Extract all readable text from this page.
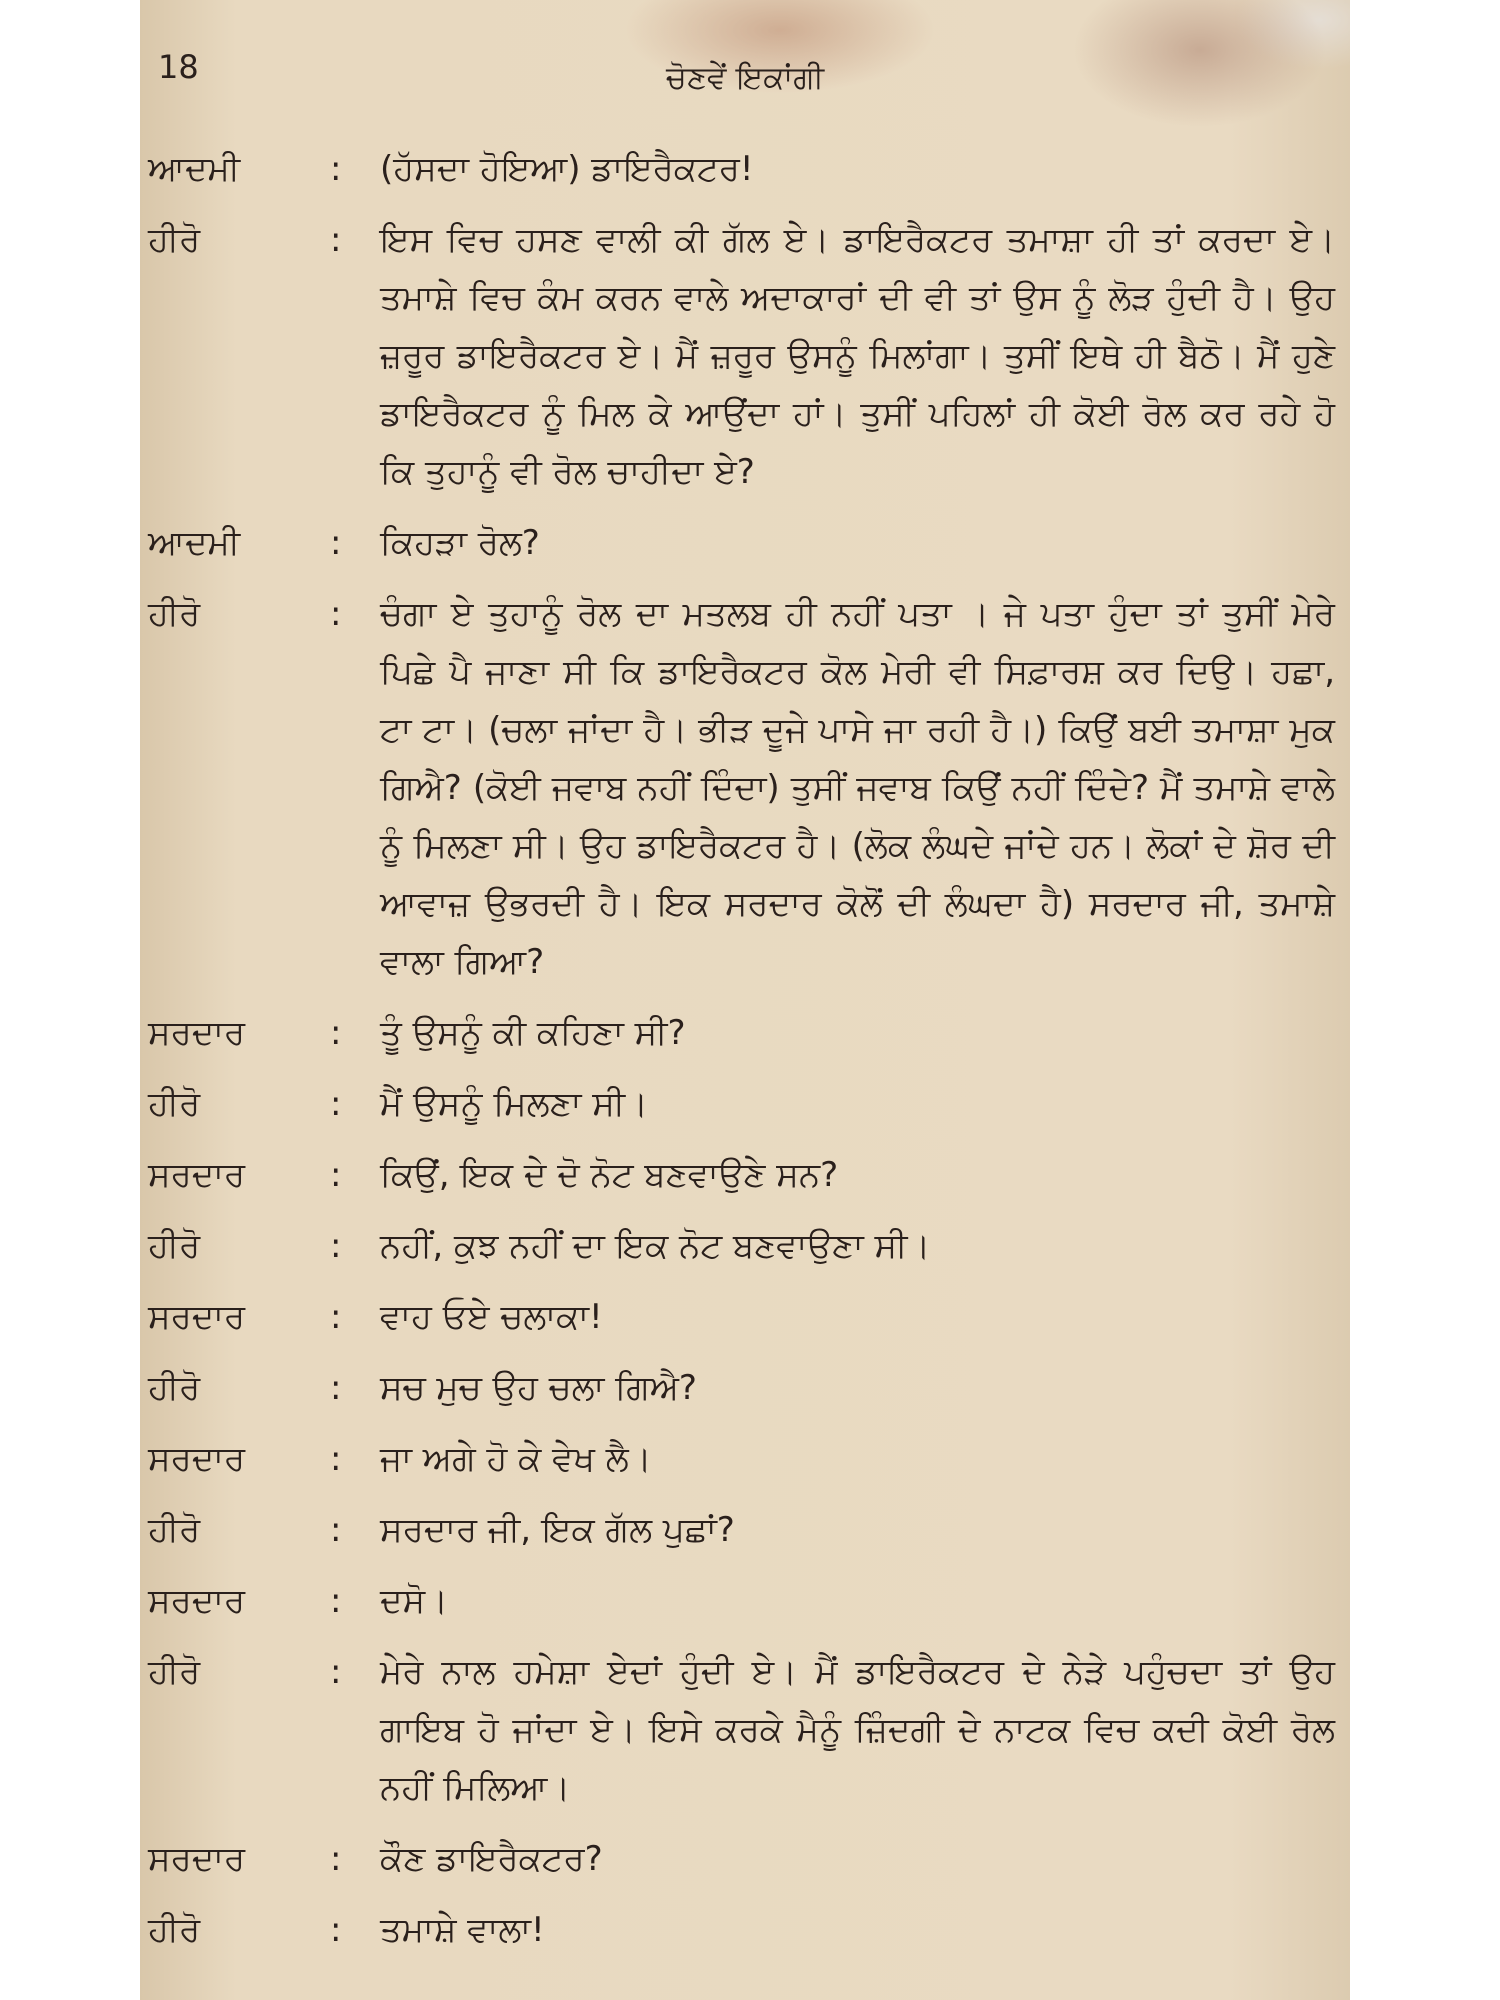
18	ਚੋਣਵੇਂ ਇਕਾਂਗੀ
ਆਦਮੀ	:	(ਹੱਸਦਾ ਹੋਇਆ) ਡਾਇਰੈਕਟਰ!
ਹੀਰੋ	:	ਇਸ ਵਿਚ ਹਸਣ ਵਾਲੀ ਕੀ ਗੱਲ ਏ। ਡਾਇਰੈਕਟਰ ਤਮਾਸ਼ਾ ਹੀ ਤਾਂ ਕਰਦਾ ਏ। ਤਮਾਸ਼ੇ ਵਿਚ ਕੰਮ ਕਰਨ ਵਾਲੇ ਅਦਾਕਾਰਾਂ ਦੀ ਵੀ ਤਾਂ ਉਸ ਨੂੰ ਲੋੜ ਹੁੰਦੀ ਹੈ। ਉਹ ਜ਼ਰੂਰ ਡਾਇਰੈਕਟਰ ਏ। ਮੈਂ ਜ਼ਰੂਰ ਉਸਨੂੰ ਮਿਲਾਂਗਾ। ਤੁਸੀਂ ਇਥੇ ਹੀ ਬੈਠੋ। ਮੈਂ ਹੁਣੇ ਡਾਇਰੈਕਟਰ ਨੂੰ ਮਿਲ ਕੇ ਆਉਂਦਾ ਹਾਂ। ਤੁਸੀਂ ਪਹਿਲਾਂ ਹੀ ਕੋਈ ਰੋਲ ਕਰ ਰਹੇ ਹੋ ਕਿ ਤੁਹਾਨੂੰ ਵੀ ਰੋਲ ਚਾਹੀਦਾ ਏ?
ਆਦਮੀ	:	ਕਿਹੜਾ ਰੋਲ?
ਹੀਰੋ	:	ਚੰਗਾ ਏ ਤੁਹਾਨੂੰ ਰੋਲ ਦਾ ਮਤਲਬ ਹੀ ਨਹੀਂ ਪਤਾ । ਜੇ ਪਤਾ ਹੁੰਦਾ ਤਾਂ ਤੁਸੀਂ ਮੇਰੇ ਪਿਛੇ ਪੈ ਜਾਣਾ ਸੀ ਕਿ ਡਾਇਰੈਕਟਰ ਕੋਲ ਮੇਰੀ ਵੀ ਸਿਫ਼ਾਰਸ਼ ਕਰ ਦਿਉ। ਹਛਾ, ਟਾ ਟਾ। (ਚਲਾ ਜਾਂਦਾ ਹੈ। ਭੀੜ ਦੂਜੇ ਪਾਸੇ ਜਾ ਰਹੀ ਹੈ।) ਕਿਉਂ ਬਈ ਤਮਾਸ਼ਾ ਮੁਕ ਗਿਐ? (ਕੋਈ ਜਵਾਬ ਨਹੀਂ ਦਿੰਦਾ) ਤੁਸੀਂ ਜਵਾਬ ਕਿਉਂ ਨਹੀਂ ਦਿੰਦੇ? ਮੈਂ ਤਮਾਸ਼ੇ ਵਾਲੇ ਨੂੰ ਮਿਲਣਾ ਸੀ। ਉਹ ਡਾਇਰੈਕਟਰ ਹੈ। (ਲੋਕ ਲੰਘਦੇ ਜਾਂਦੇ ਹਨ। ਲੋਕਾਂ ਦੇ ਸ਼ੋਰ ਦੀ ਆਵਾਜ਼ ਉਭਰਦੀ ਹੈ। ਇਕ ਸਰਦਾਰ ਕੋਲੋਂ ਦੀ ਲੰਘਦਾ ਹੈ) ਸਰਦਾਰ ਜੀ, ਤਮਾਸ਼ੇ ਵਾਲਾ ਗਿਆ?
ਸਰਦਾਰ	:	ਤੂੰ ਉਸਨੂੰ ਕੀ ਕਹਿਣਾ ਸੀ?
ਹੀਰੋ	:	ਮੈਂ ਉਸਨੂੰ ਮਿਲਣਾ ਸੀ।
ਸਰਦਾਰ	:	ਕਿਉਂ, ਇਕ ਦੇ ਦੋ ਨੋਟ ਬਣਵਾਉਣੇ ਸਨ?
ਹੀਰੋ	:	ਨਹੀਂ, ਕੁਝ ਨਹੀਂ ਦਾ ਇਕ ਨੋਟ ਬਣਵਾਉਣਾ ਸੀ।
ਸਰਦਾਰ	:	ਵਾਹ ਓਏ ਚਲਾਕਾ!
ਹੀਰੋ	:	ਸਚ ਮੁਚ ਉਹ ਚਲਾ ਗਿਐ?
ਸਰਦਾਰ	:	ਜਾ ਅਗੇ ਹੋ ਕੇ ਵੇਖ ਲੈ।
ਹੀਰੋ	:	ਸਰਦਾਰ ਜੀ, ਇਕ ਗੱਲ ਪੁਛਾਂ?
ਸਰਦਾਰ	:	ਦਸੋ।
ਹੀਰੋ	:	ਮੇਰੇ ਨਾਲ ਹਮੇਸ਼ਾ ਏਦਾਂ ਹੁੰਦੀ ਏ। ਮੈਂ ਡਾਇਰੈਕਟਰ ਦੇ ਨੇੜੇ ਪਹੁੰਚਦਾ ਤਾਂ ਉਹ ਗਾਇਬ ਹੋ ਜਾਂਦਾ ਏ। ਇਸੇ ਕਰਕੇ ਮੈਨੂੰ ਜ਼ਿੰਦਗੀ ਦੇ ਨਾਟਕ ਵਿਚ ਕਦੀ ਕੋਈ ਰੋਲ ਨਹੀਂ ਮਿਲਿਆ।
ਸਰਦਾਰ	:	ਕੌਣ ਡਾਇਰੈਕਟਰ?
ਹੀਰੋ	:	ਤਮਾਸ਼ੇ ਵਾਲਾ!
